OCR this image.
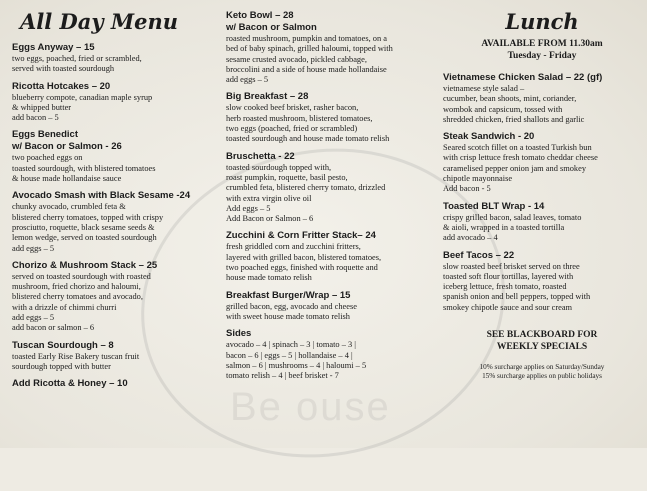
Be ouse
All Day Menu
Eggs Anyway – 15
two eggs, poached, fried or scrambled,
served with toasted sourdough
Ricotta Hotcakes – 20
blueberry compote, canadian maple syrup
& whipped butter
add bacon – 5
Eggs Benedict
w/ Bacon or Salmon - 26
two poached eggs on
toasted sourdough, with blistered tomatoes
& house made hollandaise sauce
Avocado Smash with Black Sesame -24
chunky avocado, crumbled feta &
blistered cherry tomatoes, topped with crispy
prosciutto, roquette, black sesame seeds &
lemon wedge, served on toasted sourdough
add eggs – 5
Chorizo & Mushroom Stack – 25
served on toasted sourdough with roasted
mushroom, fried chorizo and haloumi,
blistered cherry tomatoes and avocado,
with a drizzle of chimmi churri
add eggs – 5
add bacon or salmon – 6
Tuscan Sourdough – 8
toasted Early Rise Bakery tuscan fruit
sourdough topped with butter
Add Ricotta & Honey – 10
Keto Bowl – 28
w/ Bacon or Salmon
roasted mushroom, pumpkin and tomatoes, on a
bed of baby spinach, grilled haloumi, topped with
sesame crusted avocado, pickled cabbage,
broccolini and a side of house made hollandaise
add eggs – 5
Big Breakfast – 28
slow cooked beef brisket, rasher bacon,
herb roasted mushroom, blistered tomatoes,
two eggs (poached, fried or scrambled)
toasted sourdough and house made tomato relish
Bruschetta - 22
toasted sourdough topped with,
roast pumpkin, roquette, basil pesto,
crumbled feta, blistered cherry tomato, drizzled
with extra virgin olive oil
Add eggs – 5
Add Bacon or Salmon – 6
Zucchini & Corn Fritter Stack– 24
fresh griddled corn and zucchini fritters,
layered with grilled bacon, blistered tomatoes,
two poached eggs, finished with roquette and
house made tomato relish
Breakfast Burger/Wrap – 15
grilled bacon, egg, avocado and cheese
with sweet house made tomato relish
Sides
avocado – 4 | spinach – 3 | tomato – 3 |
bacon – 6 | eggs – 5 | hollandaise – 4 |
salmon – 6 | mushrooms – 4 | haloumi – 5
tomato relish – 4 | beef brisket - 7
Lunch
AVAILABLE FROM 11.30am
Tuesday - Friday
Vietnamese Chicken Salad – 22 (gf)
vietnamese style salad –
cucumber, bean shoots, mint, coriander,
wombok and capsicum, tossed with
shredded chicken, fried shallots and garlic
Steak Sandwich - 20
Seared scotch fillet on a toasted Turkish bun
with crisp lettuce fresh tomato cheddar cheese
caramelised pepper onion jam and smokey
chipotle mayonnaise
Add bacon - 5
Toasted BLT Wrap - 14
crispy grilled bacon, salad leaves, tomato
& aioli, wrapped in a toasted tortilla
add avocado – 4
Beef Tacos – 22
slow roasted beef brisket served on three
toasted soft flour tortillas, layered with
iceberg lettuce, fresh tomato, roasted
spanish onion and bell peppers, topped with
smokey chipotle sauce and sour cream
SEE BLACKBOARD FOR
WEEKLY SPECIALS
10% surcharge applies on Saturday/Sunday
15% surcharge applies on public holidays
